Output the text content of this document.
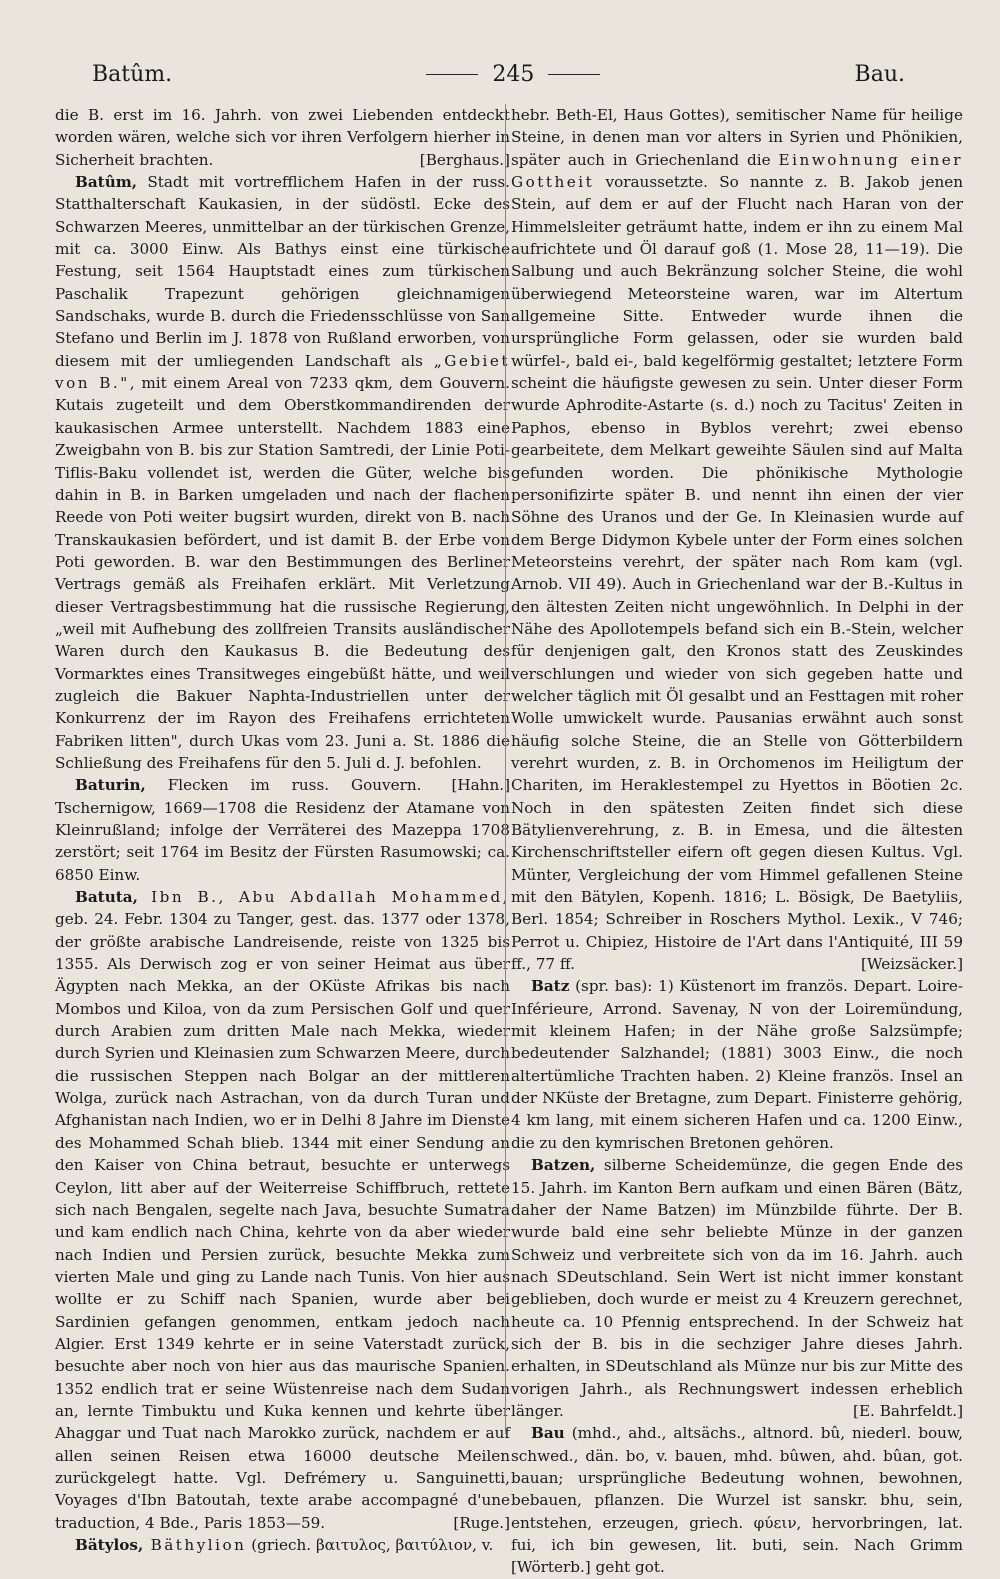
Batûm.	245	Bau.

die B. erst im 16. Jahrh. von zwei Liebenden entdeckt worden wären, welche sich vor ihren Verfolgern hierher in Sicherheit brachten.	[Berghaus.]

Batûm, Stadt mit vortrefflichem Hafen in der russ. Statthalterschaft Kaukasien, in der südöstl. Ecke des Schwarzen Meeres, unmittelbar an der türkischen Grenze, mit ca. 3000 Einw. Als Bathys einst eine türkische Festung, seit 1564 Hauptstadt eines zum türkischen Paschalik Trapezunt gehörigen gleichnamigen Sandschaks, wurde B. durch die Friedensschlüsse von San Stefano und Berlin im J. 1878 von Rußland erworben, von diesem mit der umliegenden Landschaft als „Gebiet von B.", mit einem Areal von 7233 qkm, dem Gouvern. Kutais zugeteilt und dem Oberstkommandirenden der kaukasischen Armee unterstellt. Nachdem 1883 eine Zweigbahn von B. bis zur Station Samtredi, der Linie Poti-Tiflis-Baku vollendet ist, werden die Güter, welche bis dahin in B. in Barken umgeladen und nach der flachen Reede von Poti weiter bugsirt wurden, direkt von B. nach Transkaukasien befördert, und ist damit B. der Erbe von Poti geworden. B. war den Bestimmungen des Berliner Vertrags gemäß als Freihafen erklärt. Mit Verletzung dieser Vertragsbestimmung hat die russische Regierung, „weil mit Aufhebung des zollfreien Transits ausländischer Waren durch den Kaukasus B. die Bedeutung des Vormarktes eines Transitweges eingebüßt hätte, und weil zugleich die Bakuer Naphta-Industriellen unter der Konkurrenz der im Rayon des Freihafens errichteten Fabriken litten", durch Ukas vom 23. Juni a. St. 1886 die Schließung des Freihafens für den 5. Juli d. J. befohlen.
[Hahn.]

Baturin, Flecken im russ. Gouvern. Tschernigow, 1669—1708 die Residenz der Atamane von Kleinrußland; infolge der Verräterei des Mazeppa 1708 zerstört; seit 1764 im Besitz der Fürsten Rasumowski; ca. 6850 Einw.

Batuta, Ibn B., Abu Abdallah Mohammed, geb. 24. Febr. 1304 zu Tanger, gest. das. 1377 oder 1378, der größte arabische Landreisende, reiste von 1325 bis 1355. Als Derwisch zog er von seiner Heimat aus über Ägypten nach Mekka, an der OKüste Afrikas bis nach Mombos und Kiloa, von da zum Persischen Golf und quer durch Arabien zum dritten Male nach Mekka, wieder durch Syrien und Kleinasien zum Schwarzen Meere, durch die russischen Steppen nach Bolgar an der mittleren Wolga, zurück nach Astrachan, von da durch Turan und Afghanistan nach Indien, wo er in Delhi 8 Jahre im Dienste des Mohammed Schah blieb. 1344 mit einer Sendung an den Kaiser von China betraut, besuchte er unterwegs Ceylon, litt aber auf der Weiterreise Schiffbruch, rettete sich nach Bengalen, segelte nach Java, besuchte Sumatra und kam endlich nach China, kehrte von da aber wieder nach Indien und Persien zurück, besuchte Mekka zum vierten Male und ging zu Lande nach Tunis. Von hier aus wollte er zu Schiff nach Spanien, wurde aber bei Sardinien gefangen genommen, entkam jedoch nach Algier. Erst 1349 kehrte er in seine Vaterstadt zurück, besuchte aber noch von hier aus das maurische Spanien. 1352 endlich trat er seine Wüstenreise nach dem Sudan an, lernte Timbuktu und Kuka kennen und kehrte über Ahaggar und Tuat nach Marokko zurück, nachdem er auf allen seinen Reisen etwa 16000 deutsche Meilen zurückgelegt hatte. Vgl. Defrémery u. Sanguinetti, Voyages d'Ibn Batoutah, texte arabe accompagné d'une traduction, 4 Bde., Paris 1853—59.	[Ruge.]

Bätylos, Bäthylion (griech. βαιτυλος, βαιτύλιον, v.

hebr. Beth-El, Haus Gottes), semitischer Name für heilige Steine, in denen man vor alters in Syrien und Phönikien, später auch in Griechenland die Einwohnung einer Gottheit voraussetzte. So nannte z. B. Jakob jenen Stein, auf dem er auf der Flucht nach Haran von der Himmelsleiter geträumt hatte, indem er ihn zu einem Mal aufrichtete und Öl darauf goß (1. Mose 28, 11—19). Die Salbung und auch Bekränzung solcher Steine, die wohl überwiegend Meteorsteine waren, war im Altertum allgemeine Sitte. Entweder wurde ihnen die ursprüngliche Form gelassen, oder sie wurden bald würfel-, bald ei-, bald kegelförmig gestaltet; letztere Form scheint die häufigste gewesen zu sein. Unter dieser Form wurde Aphrodite-Astarte (s. d.) noch zu Tacitus' Zeiten in Paphos, ebenso in Byblos verehrt; zwei ebenso gearbeitete, dem Melkart geweihte Säulen sind auf Malta gefunden worden. Die phönikische Mythologie personifizirte später B. und nennt ihn einen der vier Söhne des Uranos und der Ge. In Kleinasien wurde auf dem Berge Didymon Kybele unter der Form eines solchen Meteorsteins verehrt, der später nach Rom kam (vgl. Arnob. VII 49). Auch in Griechenland war der B.-Kultus in den ältesten Zeiten nicht ungewöhnlich. In Delphi in der Nähe des Apollotempels befand sich ein B.-Stein, welcher für denjenigen galt, den Kronos statt des Zeuskindes verschlungen und wieder von sich gegeben hatte und welcher täglich mit Öl gesalbt und an Festtagen mit roher Wolle umwickelt wurde. Pausanias erwähnt auch sonst häufig solche Steine, die an Stelle von Götterbildern verehrt wurden, z. B. in Orchomenos im Heiligtum der Chariten, im Heraklestempel zu Hyettos in Böotien 2c. Noch in den spätesten Zeiten findet sich diese Bätylienverehrung, z. B. in Emesa, und die ältesten Kirchenschriftsteller eifern oft gegen diesen Kultus. Vgl. Münter, Vergleichung der vom Himmel gefallenen Steine mit den Bätylen, Kopenh. 1816; L. Bösigk, De Baetyliis, Berl. 1854; Schreiber in Roschers Mythol. Lexik., V 746; Perrot u. Chipiez, Histoire de l'Art dans l'Antiquité, III 59 ff., 77 ff.	[Weizsäcker.]

Batz (spr. bas): 1) Küstenort im französ. Depart. Loire-Inférieure, Arrond. Savenay, N von der Loiremündung, mit kleinem Hafen; in der Nähe große Salzsümpfe; bedeutender Salzhandel; (1881) 3003 Einw., die noch altertümliche Trachten haben. 2) Kleine französ. Insel an der NKüste der Bretagne, zum Depart. Finisterre gehörig, 4 km lang, mit einem sicheren Hafen und ca. 1200 Einw., die zu den kymrischen Bretonen gehören.

Batzen, silberne Scheidemünze, die gegen Ende des 15. Jahrh. im Kanton Bern aufkam und einen Bären (Bätz, daher der Name Batzen) im Münzbilde führte. Der B. wurde bald eine sehr beliebte Münze in der ganzen Schweiz und verbreitete sich von da im 16. Jahrh. auch nach SDeutschland. Sein Wert ist nicht immer konstant geblieben, doch wurde er meist zu 4 Kreuzern gerechnet, heute ca. 10 Pfennig entsprechend. In der Schweiz hat sich der B. bis in die sechziger Jahre dieses Jahrh. erhalten, in SDeutschland als Münze nur bis zur Mitte des vorigen Jahrh., als Rechnungswert indessen erheblich länger.	[E. Bahrfeldt.]

Bau (mhd., ahd., altsächs., altnord. bû, niederl. bouw, schwed., dän. bo, v. bauen, mhd. bûwen, ahd. bûan, got. bauan; ursprüngliche Bedeutung wohnen, bewohnen, bebauen, pflanzen. Die Wurzel ist sanskr. bhu, sein, entstehen, erzeugen, griech. φύειν, hervorbringen, lat. fui, ich bin gewesen, lit. buti, sein. Nach Grimm [Wörterb.] geht got.
